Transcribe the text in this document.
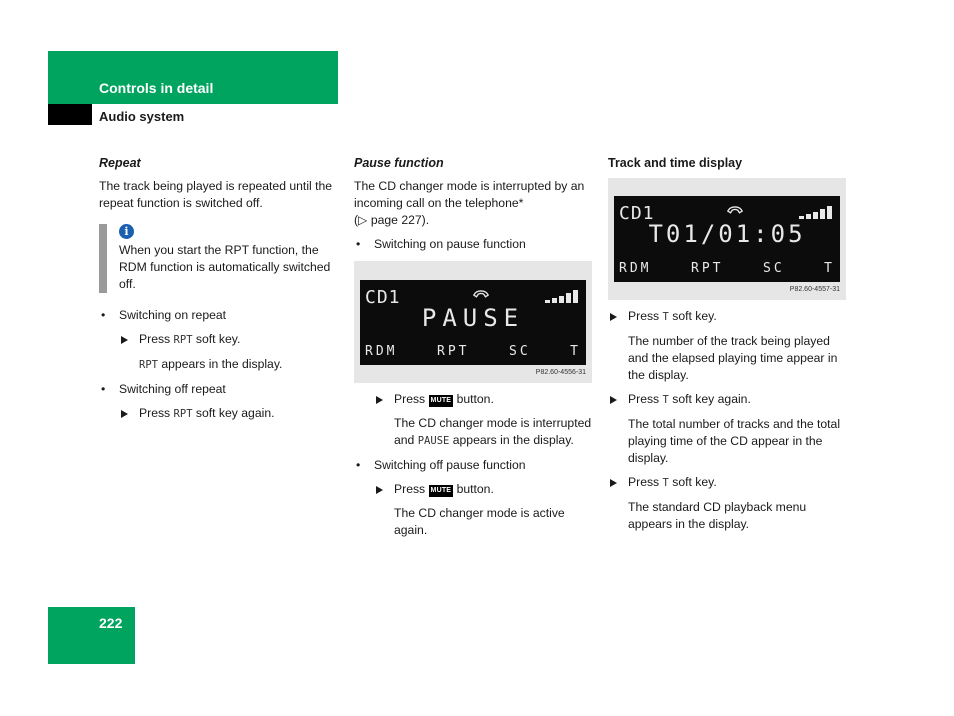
Controls in detail
Audio system
Repeat
The track being played is repeated until the repeat function is switched off.
i
When you start the RPT function, the RDM function is automatically switched off.
• Switching on repeat
Press RPT soft key.
RPT appears in the display.
• Switching off repeat
Press RPT soft key again.
Pause function
The CD changer mode is interrupted by an incoming call on the telephone*
(▷ page 227).
• Switching on pause function
CD1
PAUSE
RDM	RPT	SC	T
P82.60-4556-31
Press MUTE button.
The CD changer mode is interrupted and PAUSE appears in the display.
• Switching off pause function
Press MUTE button.
The CD changer mode is active again.
Track and time display
CD1
T01/01:05
RDM	RPT	SC	T
P82.60-4557-31
Press T soft key.
The number of the track being played and the elapsed playing time appear in the display.
Press T soft key again.
The total number of tracks and the total playing time of the CD appear in the display.
Press T soft key.
The standard CD playback menu appears in the display.
222
